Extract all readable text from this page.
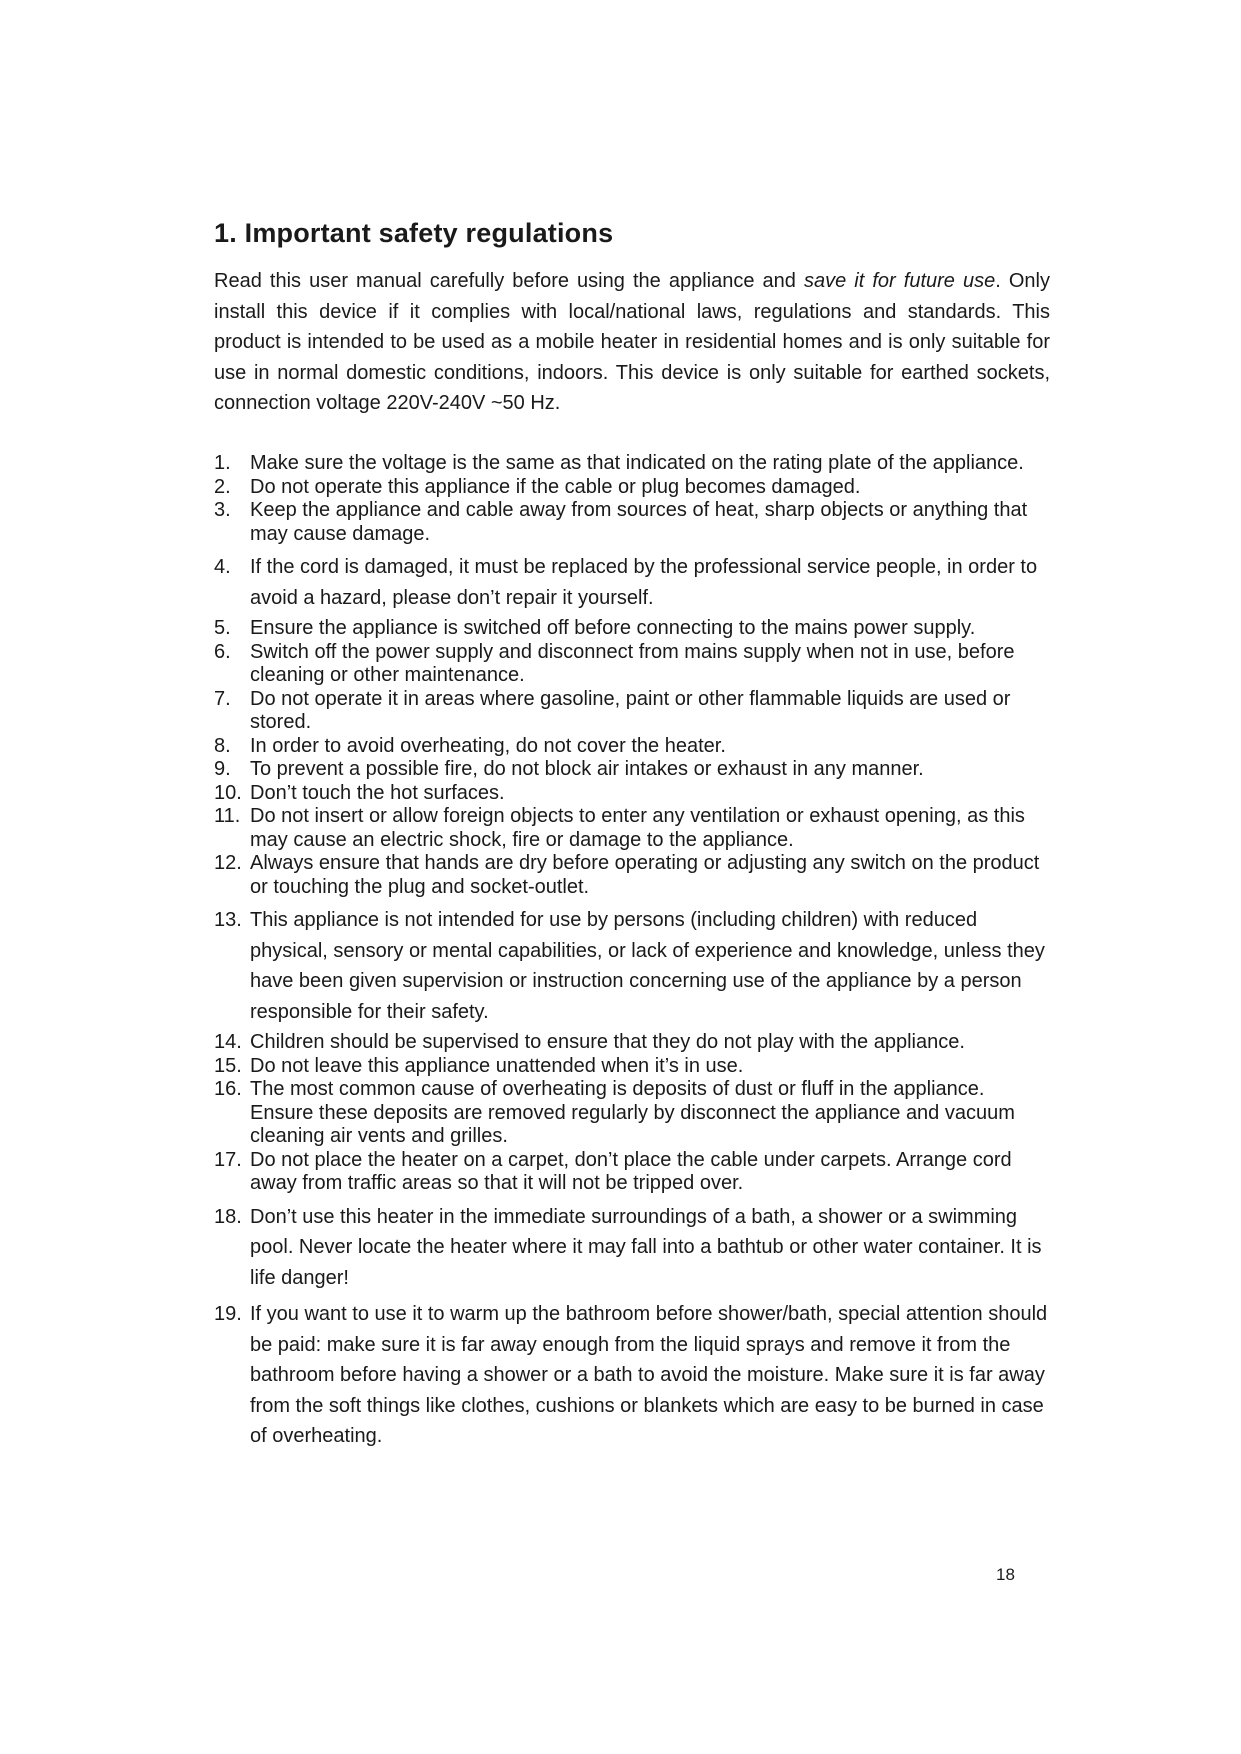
1. Important safety regulations

Read this user manual carefully before using the appliance and save it for future use. Only install this device if it complies with local/national laws, regulations and standards. This product is intended to be used as a mobile heater in residential homes and is only suitable for use in normal domestic conditions, indoors. This device is only suitable for earthed sockets, connection voltage 220V-240V ~50 Hz.

1. Make sure the voltage is the same as that indicated on the rating plate of the appliance.
2. Do not operate this appliance if the cable or plug becomes damaged.
3. Keep the appliance and cable away from sources of heat, sharp objects or anything that may cause damage.
4. If the cord is damaged, it must be replaced by the professional service people, in order to avoid a hazard, please don’t repair it yourself.
5. Ensure the appliance is switched off before connecting to the mains power supply.
6. Switch off the power supply and disconnect from mains supply when not in use, before cleaning or other maintenance.
7. Do not operate it in areas where gasoline, paint or other flammable liquids are used or stored.
8. In order to avoid overheating, do not cover the heater.
9. To prevent a possible fire, do not block air intakes or exhaust in any manner.
10. Don’t touch the hot surfaces.
11. Do not insert or allow foreign objects to enter any ventilation or exhaust opening, as this may cause an electric shock, fire or damage to the appliance.
12. Always ensure that hands are dry before operating or adjusting any switch on the product or touching the plug and socket-outlet.
13. This appliance is not intended for use by persons (including children) with reduced physical, sensory or mental capabilities, or lack of experience and knowledge, unless they have been given supervision or instruction concerning use of the appliance by a person responsible for their safety.
14. Children should be supervised to ensure that they do not play with the appliance.
15. Do not leave this appliance unattended when it’s in use.
16. The most common cause of overheating is deposits of dust or fluff in the appliance. Ensure these deposits are removed regularly by disconnect the appliance and vacuum cleaning air vents and grilles.
17. Do not place the heater on a carpet, don’t place the cable under carpets. Arrange cord away from traffic areas so that it will not be tripped over.
18. Don’t use this heater in the immediate surroundings of a bath, a shower or a swimming pool. Never locate the heater where it may fall into a bathtub or other water container. It is life danger!
19. If you want to use it to warm up the bathroom before shower/bath, special attention should be paid: make sure it is far away enough from the liquid sprays and remove it from the bathroom before having a shower or a bath to avoid the moisture. Make sure it is far away from the soft things like clothes, cushions or blankets which are easy to be burned in case of overheating.
18
